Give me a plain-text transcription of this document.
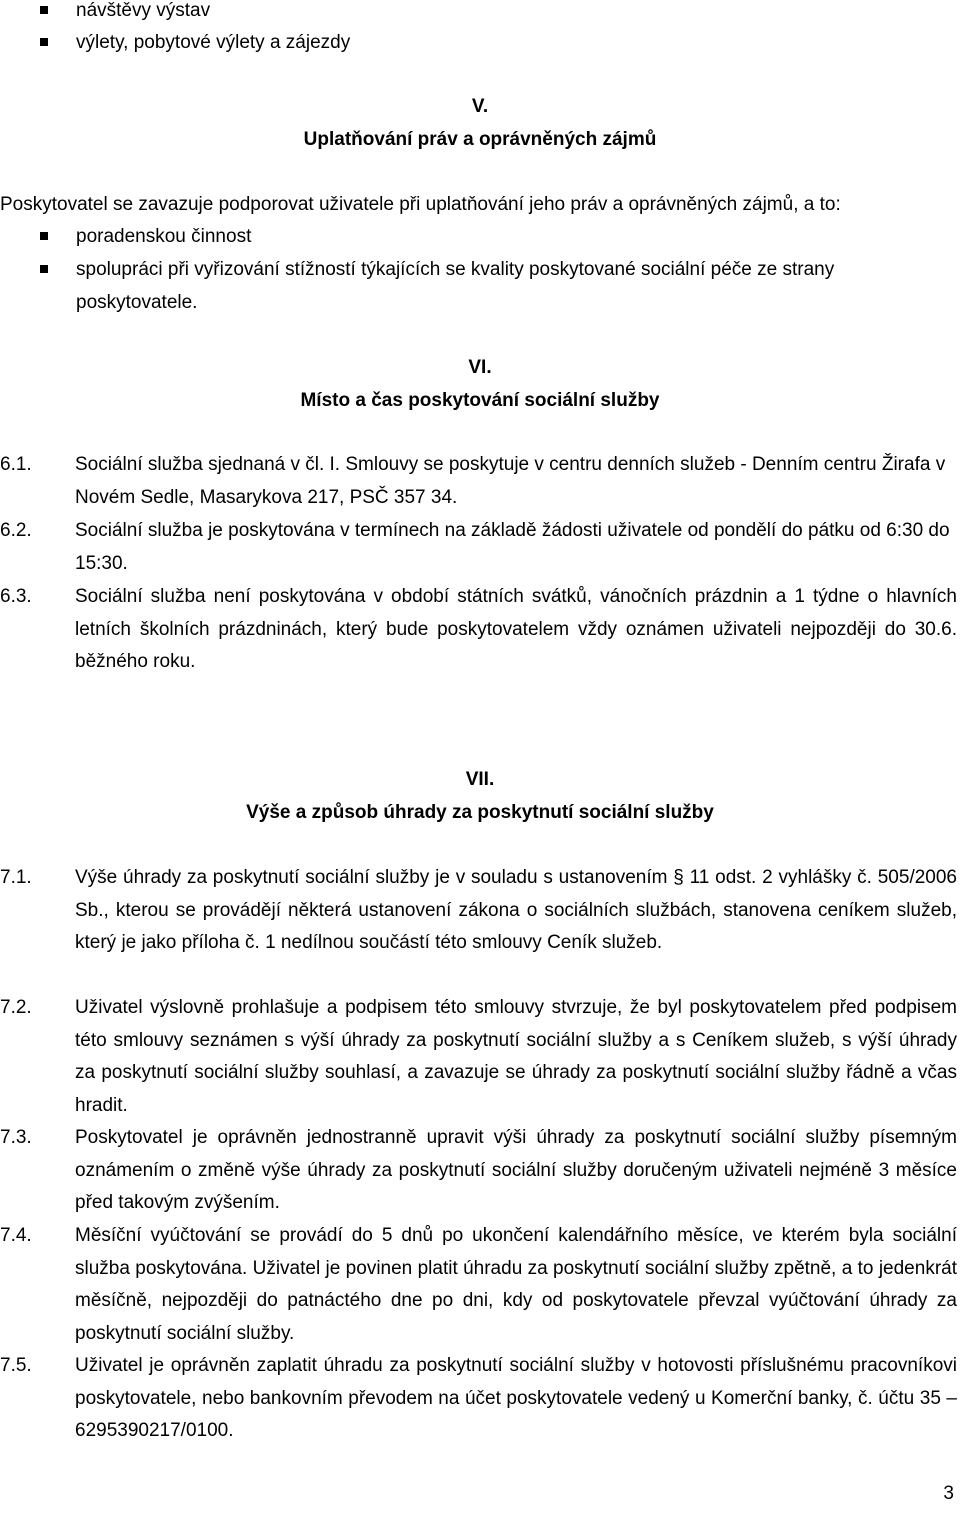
návštěvy výstav
výlety, pobytové výlety a zájezdy
V.
Uplatňování práv a oprávněných zájmů
Poskytovatel se zavazuje podporovat uživatele při uplatňování jeho práv a oprávněných zájmů, a to:
poradenskou činnost
spolupráci při vyřizování stížností týkajících se kvality poskytované sociální péče ze strany poskytovatele.
VI.
Místo a čas poskytování sociální služby
6.1.	Sociální služba sjednaná v čl. I. Smlouvy se poskytuje v centru denních služeb - Denním centru Žirafa v Novém Sedle, Masarykova 217, PSČ 357 34.
6.2.	Sociální služba je poskytována v termínech na základě žádosti uživatele od pondělí do pátku od 6:30 do 15:30.
6.3.	Sociální služba není poskytována v období státních svátků, vánočních prázdnin a 1 týdne o hlavních letních školních prázdninách, který bude poskytovatelem vždy oznámen uživateli nejpozději do 30.6. běžného roku.
VII.
Výše a způsob úhrady za poskytnutí sociální služby
7.1.	Výše úhrady za poskytnutí sociální služby je v souladu s ustanovením § 11 odst. 2 vyhlášky č. 505/2006 Sb., kterou se provádějí některá ustanovení zákona o sociálních službách, stanovena ceníkem služeb, který je jako příloha č. 1 nedílnou součástí této smlouvy Ceník služeb.
7.2.	Uživatel výslovně prohlašuje a podpisem této smlouvy stvrzuje, že byl poskytovatelem před podpisem této smlouvy seznámen s výší úhrady za poskytnutí sociální služby a s Ceníkem služeb, s výší úhrady za poskytnutí sociální služby souhlasí, a zavazuje se úhrady za poskytnutí sociální služby řádně a včas hradit.
7.3.	Poskytovatel je oprávněn jednostranně upravit výši úhrady za poskytnutí sociální služby písemným oznámením o změně výše úhrady za poskytnutí sociální služby doručeným uživateli nejméně 3 měsíce před takovým zvýšením.
7.4.	Měsíční vyúčtování se provádí do 5 dnů po ukončení kalendářního měsíce, ve kterém byla sociální služba poskytována. Uživatel je povinen platit úhradu za poskytnutí sociální služby zpětně, a to jedenkrát měsíčně, nejpozději do patnáctého dne po dni, kdy od poskytovatele převzal vyúčtování úhrady za poskytnutí sociální služby.
7.5.	Uživatel je oprávněn zaplatit úhradu za poskytnutí sociální služby v hotovosti příslušnému pracovníkovi poskytovatele, nebo bankovním převodem na účet poskytovatele vedený u Komerční banky, č. účtu 35 – 6295390217/0100.
3
